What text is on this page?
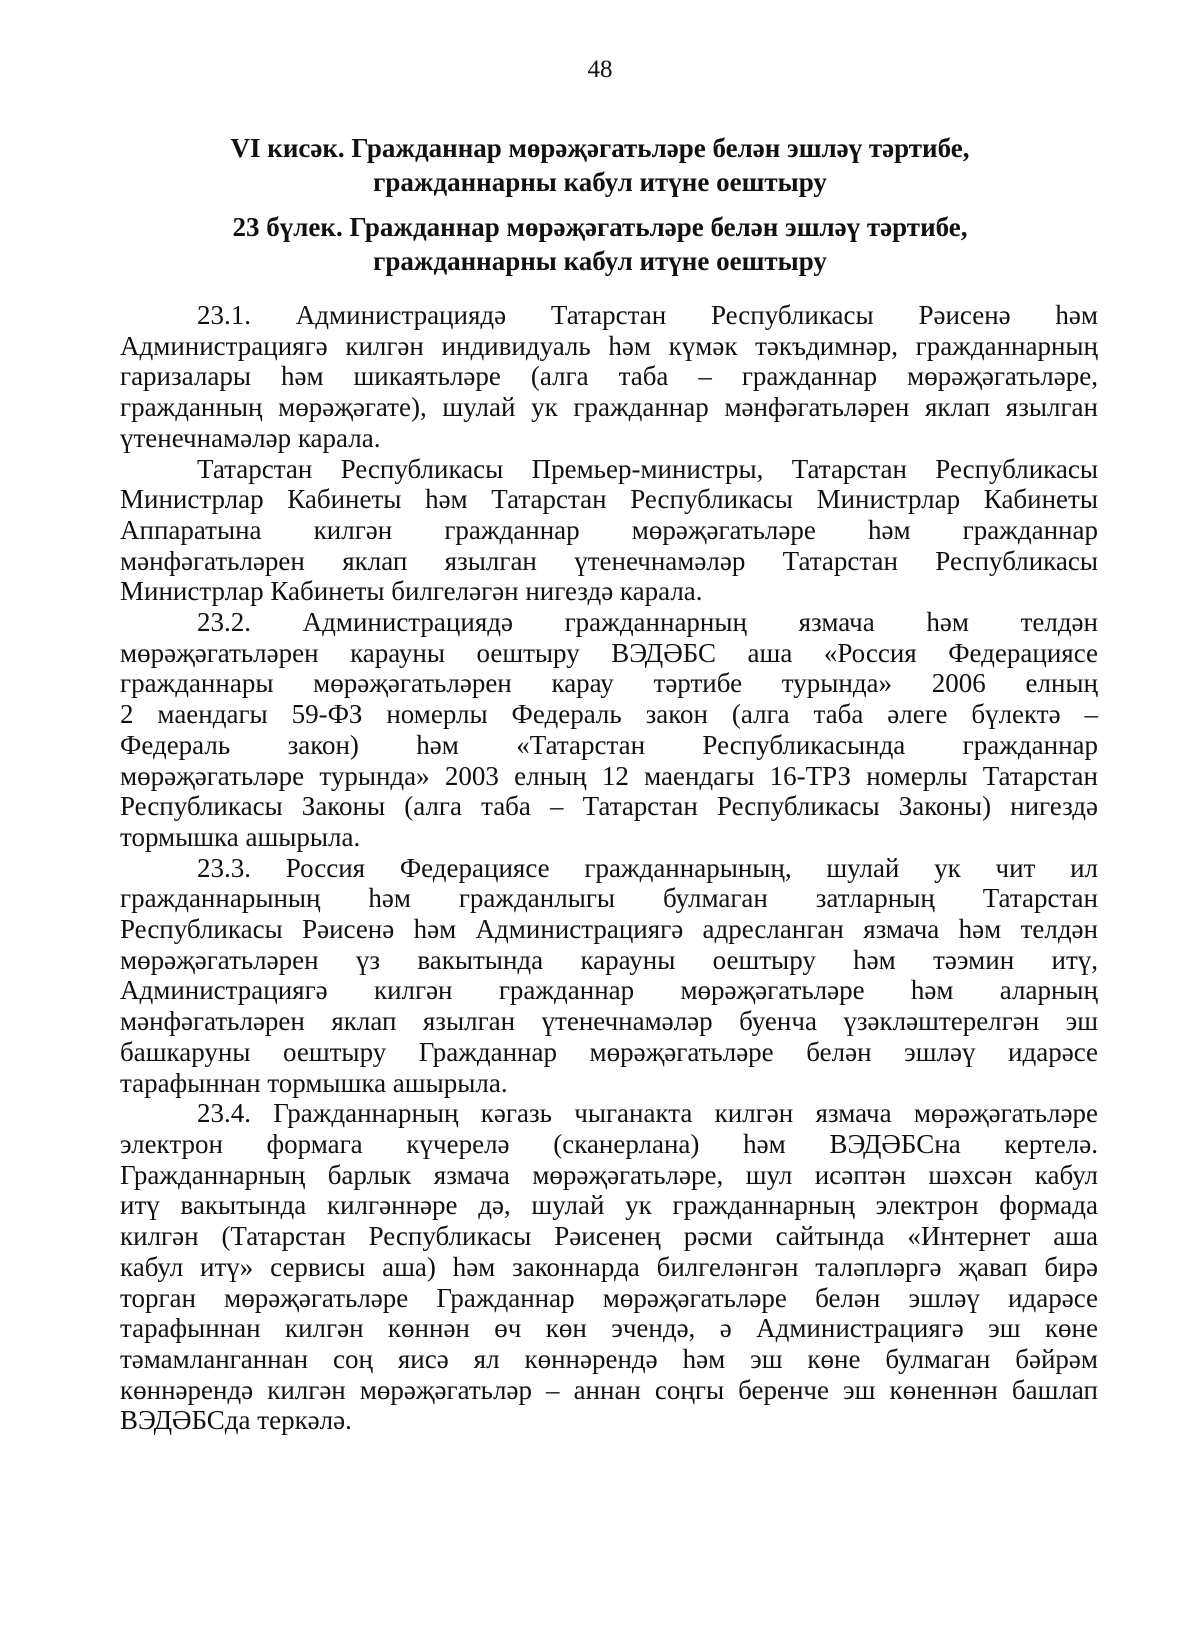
48
VI кисәк. Гражданнар мөрәҗәгатьләре белән эшләү тәртибе,
гражданнарны кабул итүне оештыру
23 бүлек. Гражданнар мөрәҗәгатьләре белән эшләү тәртибе,
гражданнарны кабул итүне оештыру

23.1. Администрациядә Татарстан Республикасы Рәисенә һәм
Администрациягә килгән индивидуаль һәм күмәк тәкъдимнәр, гражданнарның
гаризалары һәм шикаятьләре (алга таба – гражданнар мөрәҗәгатьләре,
гражданның мөрәҗәгате), шулай ук гражданнар мәнфәгатьләрен яклап язылган
үтенечнамәләр карала.

Татарстан Республикасы Премьер-министры, Татарстан Республикасы
Министрлар Кабинеты һәм Татарстан Республикасы Министрлар Кабинеты
Аппаратына килгән гражданнар мөрәҗәгатьләре һәм гражданнар
мәнфәгатьләрен яклап язылган үтенечнамәләр Татарстан Республикасы
Министрлар Кабинеты билгеләгән нигездә карала.

23.2. Администрациядә гражданнарның язмача һәм телдән
мөрәҗәгатьләрен карауны оештыру ВЭДӘБС аша «Россия Федерациясе
гражданнары мөрәҗәгатьләрен карау тәртибе турында» 2006 елның
2 маендагы 59-ФЗ номерлы Федераль закон (алга таба әлеге бүлектә –
Федераль закон) һәм «Татарстан Республикасында гражданнар
мөрәҗәгатьләре турында» 2003 елның 12 маендагы 16-ТРЗ номерлы Татарстан
Республикасы Законы (алга таба – Татарстан Республикасы Законы) нигездә
тормышка ашырыла.

23.3. Россия Федерациясе гражданнарының, шулай ук чит ил
гражданнарының һәм гражданлыгы булмаган затларның Татарстан
Республикасы Рәисенә һәм Администрациягә адресланган язмача һәм телдән
мөрәҗәгатьләрен үз вакытында карауны оештыру һәм тәэмин итү,
Администрациягә килгән гражданнар мөрәҗәгатьләре һәм аларның
мәнфәгатьләрен яклап язылган үтенечнамәләр буенча үзәкләштерелгән эш
башкаруны оештыру Гражданнар мөрәҗәгатьләре белән эшләү идарәсе
тарафыннан тормышка ашырыла.

23.4. Гражданнарның кәгазь чыганакта килгән язмача мөрәҗәгатьләре
электрон формага күчерелә (сканерлана) һәм ВЭДӘБСна кертелә.
Гражданнарның барлык язмача мөрәҗәгатьләре, шул исәптән шәхсән кабул
итү вакытында килгәннәре дә, шулай ук гражданнарның электрон формада
килгән (Татарстан Республикасы Рәисенең рәсми сайтында «Интернет аша
кабул итү» сервисы аша) һәм законнарда билгеләнгән таләпләргә җавап бирә
торган мөрәҗәгатьләре Гражданнар мөрәҗәгатьләре белән эшләү идарәсе
тарафыннан килгән көннән өч көн эчендә, ә Администрациягә эш көне
тәмамланганнан соң яисә ял көннәрендә һәм эш көне булмаган бәйрәм
көннәрендә килгән мөрәҗәгатьләр – аннан соңгы беренче эш көненнән башлап
ВЭДӘБСда теркәлә.
